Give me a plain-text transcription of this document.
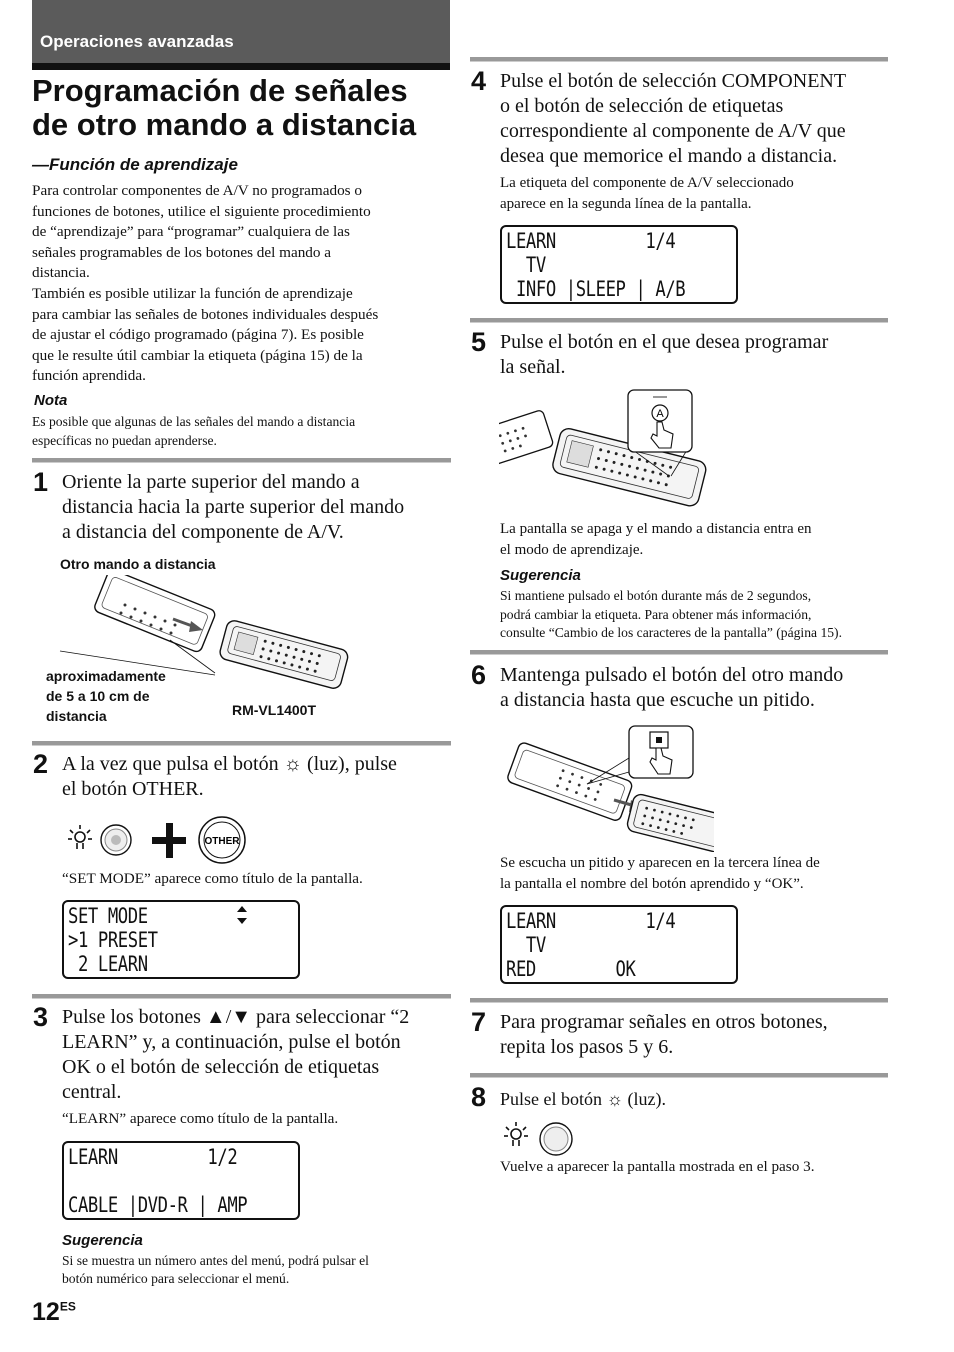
Operaciones avanzadas
Programación de señales de otro mando a distancia
—Función de aprendizaje
Para controlar componentes de A/V no programados o
funciones de botones, utilice el siguiente procedimiento
de “aprendizaje” para “programar” cualquiera de las
señales programables de los botones del mando a
distancia.
También es posible utilizar la función de aprendizaje
para cambiar las señales de botones individuales después
de ajustar el código programado (página 7). Es posible
que le resulte útil cambiar la etiqueta (página 15) de la
función aprendida.
Nota
Es posible que algunas de las señales del mando a distancia
específicas no puedan aprenderse.
1 Oriente la parte superior del mando a
distancia hacia la parte superior del mando
a distancia del componente de A/V.
Otro mando a distancia
aproximadamente
de 5 a 10 cm de
distancia	RM-VL1400T
2 A la vez que pulsa el botón ☼ (luz), pulse
el botón OTHER.
OTHER
“SET MODE” aparece como título de la pantalla.
SET MODE
>1 PRESET
2 LEARN
3 Pulse los botones ▲/▼ para seleccionar “2
LEARN” y, a continuación, pulse el botón
OK o el botón de selección de etiquetas
central.
“LEARN” aparece como título de la pantalla.
LEARN         1/2
CABLE |DVD-R | AMP
Sugerencia
Si se muestra un número antes del menú, podrá pulsar el
botón numérico para seleccionar el menú.
$12^{ES}$
4 Pulse el botón de selección COMPONENT
o el botón de selección de etiquetas
correspondiente al componente de A/V que
desea que memorice el mando a distancia.
La etiqueta del componente de A/V seleccionado
aparece en la segunda línea de la pantalla.
LEARN         1/4
TV
INFO |SLEEP | A/B
5 Pulse el botón en el que desea programar
la señal.
A
La pantalla se apaga y el mando a distancia entra en
el modo de aprendizaje.
Sugerencia
Si mantiene pulsado el botón durante más de 2 segundos,
podrá cambiar la etiqueta. Para obtener más información,
consulte “Cambio de los caracteres de la pantalla” (página 15).
6 Mantenga pulsado el botón del otro mando
a distancia hasta que escuche un pitido.
Se escucha un pitido y aparecen en la tercera línea de
la pantalla el nombre del botón aprendido y “OK”.
LEARN         1/4
TV
RED        OK
7 Para programar señales en otros botones,
repita los pasos 5 y 6.
8 Pulse el botón ☼ (luz).
Vuelve a aparecer la pantalla mostrada en el paso 3.
